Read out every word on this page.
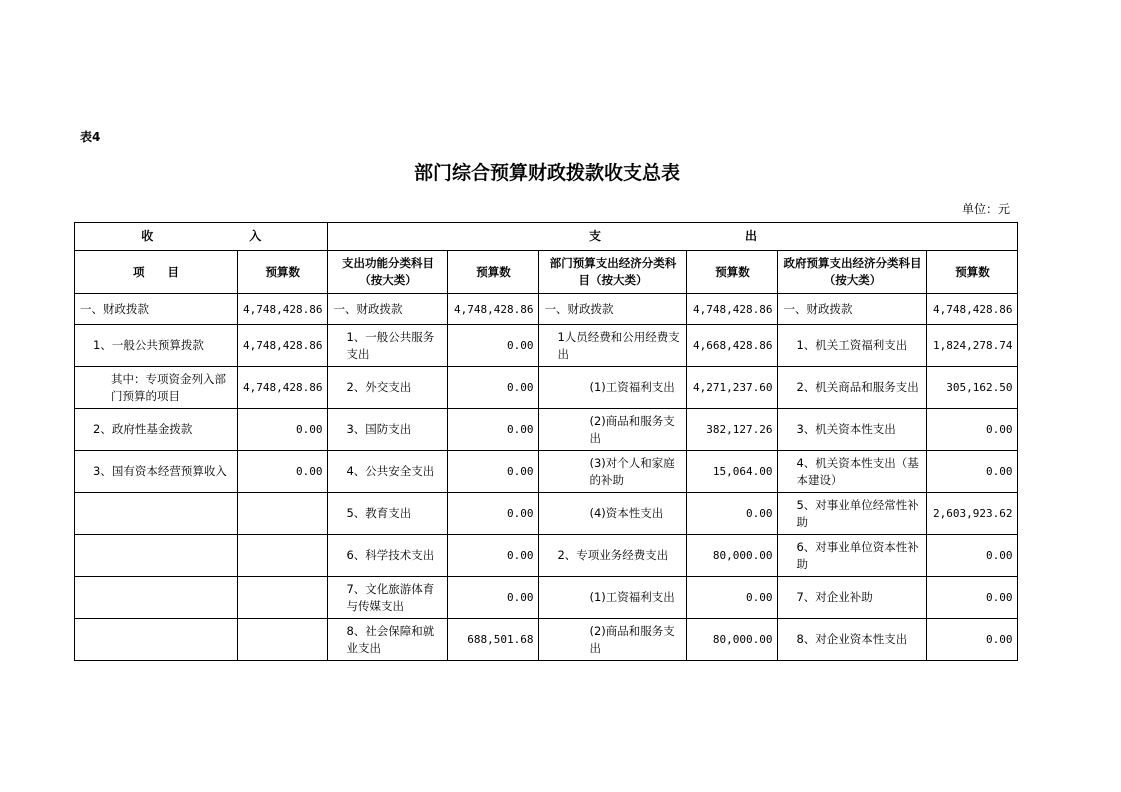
表4
部门综合预算财政拨款收支总表
单位：元
收　　　　　　　　入		支　　　　　　　　　　　　出					
项　　目	预算数	支出功能分类科目（按大类）	预算数	部门预算支出经济分类科目（按大类）	预算数	政府预算支出经济分类科目（按大类）	预算数
一、财政拨款	4,748,428.86	一、财政拨款	4,748,428.86	一、财政拨款	4,748,428.86	一、财政拨款	4,748,428.86
1、一般公共预算拨款	4,748,428.86	1、一般公共服务支出	0.00	1人员经费和公用经费支出	4,668,428.86	1、机关工资福利支出	1,824,278.74
其中：专项资金列入部门预算的项目	4,748,428.86	2、外交支出	0.00	(1)工资福利支出	4,271,237.60	2、机关商品和服务支出	305,162.50
2、政府性基金拨款	0.00	3、国防支出	0.00	(2)商品和服务支出	382,127.26	3、机关资本性支出	0.00
3、国有资本经营预算收入	0.00	4、公共安全支出	0.00	(3)对个人和家庭的补助	15,064.00	4、机关资本性支出（基本建设）	0.00
		5、教育支出	0.00	(4)资本性支出	0.00	5、对事业单位经常性补助	2,603,923.62
		6、科学技术支出	0.00	2、专项业务经费支出	80,000.00	6、对事业单位资本性补助	0.00
		7、文化旅游体育与传媒支出	0.00	(1)工资福利支出	0.00	7、对企业补助	0.00
		8、社会保障和就业支出	688,501.68	(2)商品和服务支出	80,000.00	8、对企业资本性支出	0.00
